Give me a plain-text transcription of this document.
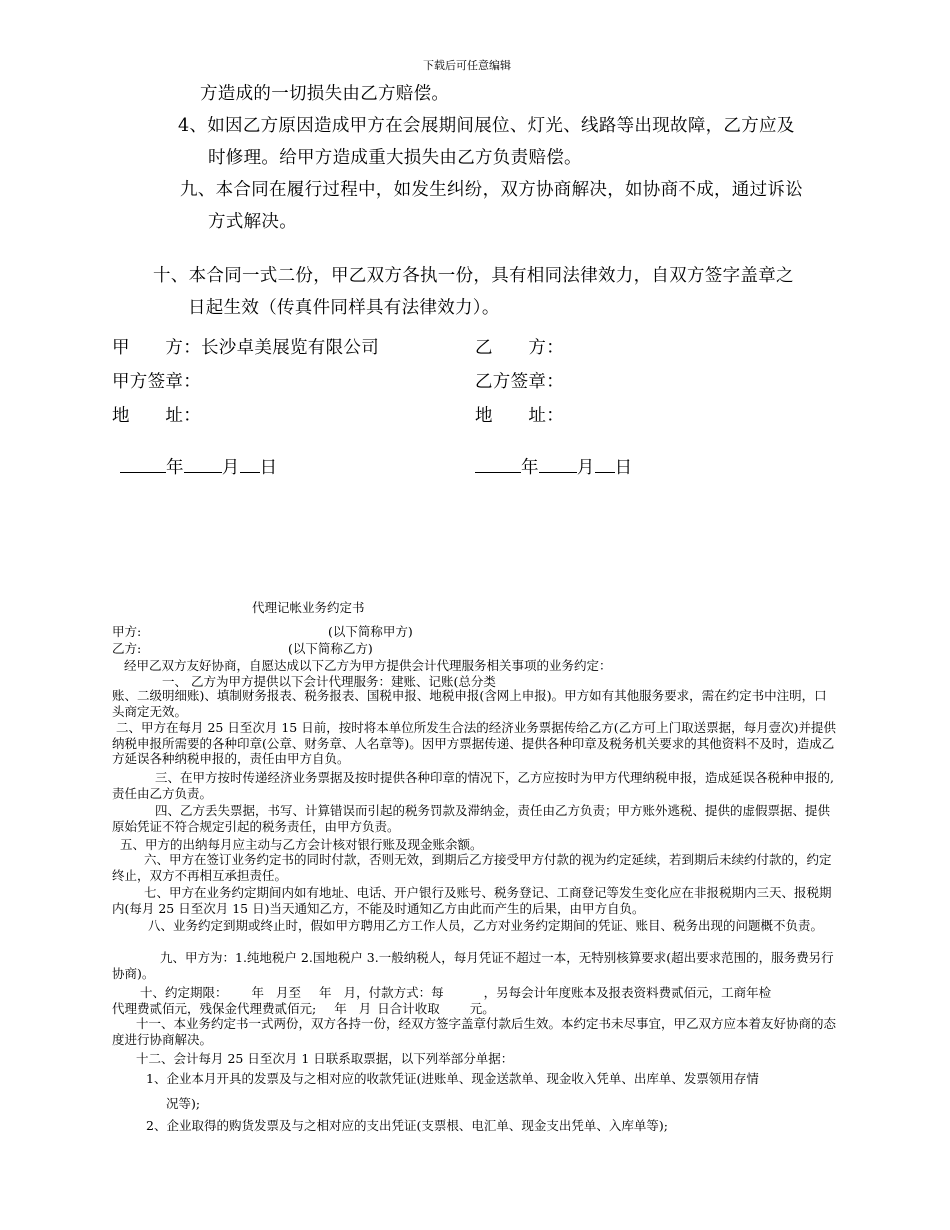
下载后可任意编辑
方造成的一切损失由乙方赔偿。
4、如因乙方原因造成甲方在会展期间展位、灯光、线路等出现故障，乙方应及
时修理。给甲方造成重大损失由乙方负责赔偿。
九、本合同在履行过程中，如发生纠纷，双方协商解决，如协商不成，通过诉讼
方式解决。
十、本合同一式二份，甲乙双方各执一份，具有相同法律效力，自双方签字盖章之
日起生效（传真件同样具有法律效力）。
甲　　方：长沙卓美展览有限公司	乙　　方：
甲方签章：	乙方签章：
地　　址：	地　　址：
年 月 日	年 月 日
代理记帐业务约定书
甲方:	(以下简称甲方)
乙方:	(以下简称乙方)
经甲乙双方友好协商，自愿达成以下乙方为甲方提供会计代理服务相关事项的业务约定：
一、 乙方为甲方提供以下会计代理服务：建账、记账(总分类
账、二级明细账)、填制财务报表、税务报表、国税申报、地税申报(含网上申报)。甲方如有其他服务要求，需在约定书中注明，口头商定无效。
二、甲方在每月 25 日至次月 15 日前，按时将本单位所发生合法的经济业务票据传给乙方(乙方可上门取送票据，每月壹次)并提供纳税申报所需要的各种印章(公章、财务章、人名章等)。因甲方票据传递、提供各种印章及税务机关要求的其他资料不及时，造成乙方延误各种纳税申报的，责任由甲方自负。
三、在甲方按时传递经济业务票据及按时提供各种印章的情况下，乙方应按时为甲方代理纳税申报，造成延误各税种申报的, 责任由乙方负责。
四、乙方丢失票据，书写、计算错误而引起的税务罚款及滞纳金，责任由乙方负责；甲方账外逃税、提供的虚假票据、提供原始凭证不符合规定引起的税务责任，由甲方负责。
五、甲方的出纳每月应主动与乙方会计核对银行账及现金账余额。
六、甲方在签订业务约定书的同时付款，否则无效，到期后乙方接受甲方付款的视为约定延续，若到期后未续约付款的，约定终止，双方不再相互承担责任。
七、甲方在业务约定期间内如有地址、电话、开户银行及账号、税务登记、工商登记等发生变化应在非报税期内三天、报税期内(每月 25 日至次月 15 日)当天通知乙方，不能及时通知乙方由此而产生的后果，由甲方自负。
八、业务约定到期或终止时，假如甲方聘用乙方工作人员，乙方对业务约定期间的凭证、账目、税务出现的问题概不负责。
九、甲方为：1.纯地税户 2.国地税户 3.一般纳税人，每月凭证不超过一本，无特别核算要求(超出要求范围的，服务费另行协商)。
十、约定期限： 年 月至 年 月，付款方式：每	，另每会计年度账本及报表资料费贰佰元，工商年检
代理费贰佰元，残保金代理费贰佰元; 年 月 日合计收取 元。
十一、本业务约定书一式两份，双方各持一份，经双方签字盖章付款后生效。本约定书未尽事宜，甲乙双方应本着友好协商的态度进行协商解决。
十二、会计每月 25 日至次月 1 日联系取票据，以下列举部分单据：
1、企业本月开具的发票及与之相对应的收款凭证(进账单、现金送款单、现金收入凭单、出库单、发票领用存情
况等);
2、企业取得的购货发票及与之相对应的支出凭证(支票根、电汇单、现金支出凭单、入库单等);
